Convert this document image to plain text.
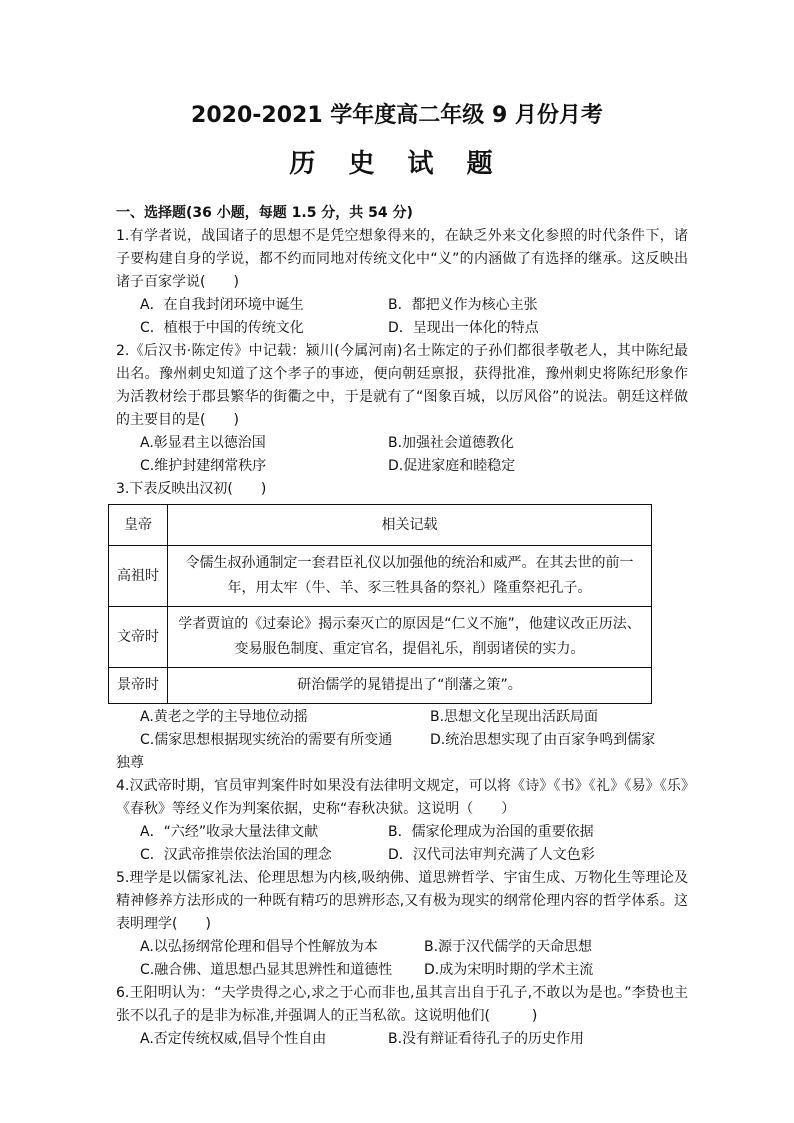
2020-2021 学年度高二年级 9 月份月考
历 史 试 题
一、选择题(36 小题，每题 1.5 分，共 54 分)

1.有学者说，战国诸子的思想不是凭空想象得来的，在缺乏外来文化参照的时代条件下，诸子要构建自身的学说，都不约而同地对传统文化中“义”的内涵做了有选择的继承。这反映出诸子百家学说(　　)

A．在自我封闭环境中诞生	B．都把义作为核心主张
C．植根于中国的传统文化	D．呈现出一体化的特点

2.《后汉书·陈定传》中记载：颍川(今属河南)名士陈定的子孙们都很孝敬老人，其中陈纪最出名。豫州刺史知道了这个孝子的事迹，便向朝廷禀报，获得批准，豫州刺史将陈纪形象作为活教材绘于郡县繁华的街衢之中，于是就有了“图象百城，以厉风俗”的说法。朝廷这样做的主要目的是(　　)

A.彰显君主以德治国	B.加强社会道德教化
C.维护封建纲常秩序	D.促进家庭和睦稳定

3.下表反映出汉初(　　)

皇帝	相关记载
高祖时	令儒生叔孙通制定一套君臣礼仪以加强他的统治和威严。在其去世的前一年，用太牢（牛、羊、豕三牲具备的祭礼）隆重祭祀孔子。
文帝时	学者贾谊的《过秦论》揭示秦灭亡的原因是“仁义不施”，他建议改正历法、变易服色制度、重定官名，提倡礼乐，削弱诸侯的实力。
景帝时	研治儒学的晁错提出了“削藩之策”。
A.黄老之学的主导地位动摇	B.思想文化呈现出活跃局面
C.儒家思想根据现实统治的需要有所变通	D.统治思想实现了由百家争鸣到儒家

独尊

4.汉武帝时期，官员审判案件时如果没有法律明文规定，可以将《诗》《书》《礼》《易》《乐》《春秋》等经义作为判案依据，史称“春秋决狱。这说明（　　）

A．“六经”收录大量法律文献	B．儒家伦理成为治国的重要依据
C．汉武帝推崇依法治国的理念	D．汉代司法审判充满了人文色彩

5.理学是以儒家礼法、伦理思想为内核,吸纳佛、道思辨哲学、宇宙生成、万物化生等理论及精神修养方法形成的一种既有精巧的思辨形态,又有极为现实的纲常伦理内容的哲学体系。这表明理学(　　)

A.以弘扬纲常伦理和倡导个性解放为本	B.源于汉代儒学的天命思想
C.融合佛、道思想凸显其思辨性和道德性	D.成为宋明时期的学术主流

6.王阳明认为：“夫学贵得之心,求之于心而非也,虽其言出自于孔子,不敢以为是也。”李贽也主张不以孔子的是非为标准,并强调人的正当私欲。这说明他们(　　　)

A.否定传统权威,倡导个性自由	B.没有辩证看待孔子的历史作用
